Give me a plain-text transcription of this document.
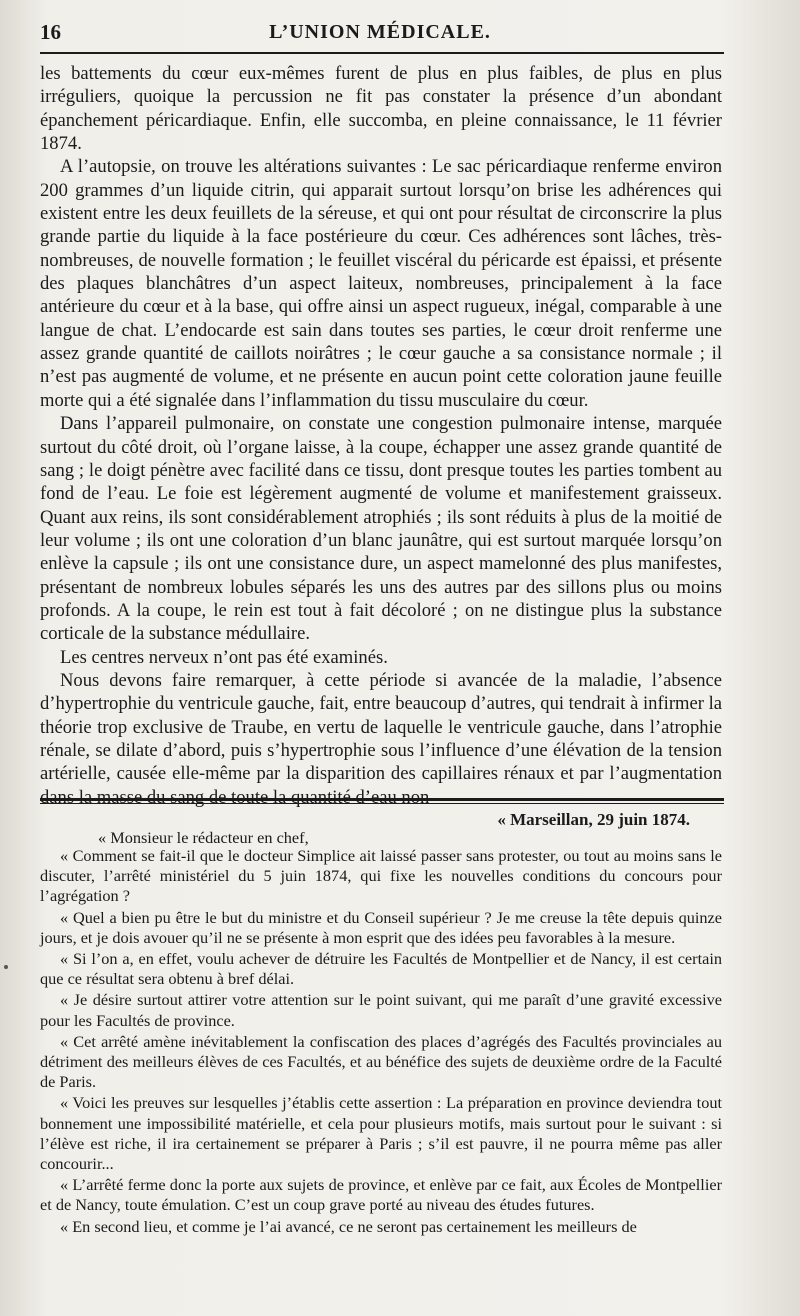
16	L’UNION MÉDICALE.

les battements du cœur eux-mêmes furent de plus en plus faibles, de plus en plus irréguliers, quoique la percussion ne fit pas constater la présence d’un abondant épanchement péricardiaque. Enfin, elle succomba, en pleine connaissance, le 11 février 1874.

A l’autopsie, on trouve les altérations suivantes : Le sac péricardiaque renferme environ 200 grammes d’un liquide citrin, qui apparait surtout lorsqu’on brise les adhérences qui existent entre les deux feuillets de la séreuse, et qui ont pour résultat de circonscrire la plus grande partie du liquide à la face postérieure du cœur. Ces adhérences sont lâches, très-nombreuses, de nouvelle formation ; le feuillet viscéral du péricarde est épaissi, et présente des plaques blanchâtres d’un aspect laiteux, nombreuses, principalement à la face antérieure du cœur et à la base, qui offre ainsi un aspect rugueux, inégal, comparable à une langue de chat. L’endocarde est sain dans toutes ses parties, le cœur droit renferme une assez grande quantité de caillots noirâtres ; le cœur gauche a sa consistance normale ; il n’est pas augmenté de volume, et ne présente en aucun point cette coloration jaune feuille morte qui a été signalée dans l’inflammation du tissu musculaire du cœur.

Dans l’appareil pulmonaire, on constate une congestion pulmonaire intense, marquée surtout du côté droit, où l’organe laisse, à la coupe, échapper une assez grande quantité de sang ; le doigt pénètre avec facilité dans ce tissu, dont presque toutes les parties tombent au fond de l’eau. Le foie est légèrement augmenté de volume et manifestement graisseux. Quant aux reins, ils sont considérablement atrophiés ; ils sont réduits à plus de la moitié de leur volume ; ils ont une coloration d’un blanc jaunâtre, qui est surtout marquée lorsqu’on enlève la capsule ; ils ont une consistance dure, un aspect mamelonné des plus manifestes, présentant de nombreux lobules séparés les uns des autres par des sillons plus ou moins profonds. A la coupe, le rein est tout à fait décoloré ; on ne distingue plus la substance corticale de la substance médullaire.

Les centres nerveux n’ont pas été examinés.

Nous devons faire remarquer, à cette période si avancée de la maladie, l’absence d’hypertrophie du ventricule gauche, fait, entre beaucoup d’autres, qui tendrait à infirmer la théorie trop exclusive de Traube, en vertu de laquelle le ventricule gauche, dans l’atrophie rénale, se dilate d’abord, puis s’hypertrophie sous l’influence d’une élévation de la tension artérielle, causée elle-même par la disparition des capillaires rénaux et par l’augmentation

« Marseillan, 29 juin 1874.
« Monsieur le rédacteur en chef,

« Comment se fait-il que le docteur Simplice ait laissé passer sans protester, ou tout au moins sans le discuter, l’arrêté ministériel du 5 juin 1874, qui fixe les nouvelles conditions du concours pour l’agrégation ?

« Quel a bien pu être le but du ministre et du Conseil supérieur ? Je me creuse la tête depuis quinze jours, et je dois avouer qu’il ne se présente à mon esprit que des idées peu favorables à la mesure.

« Si l’on a, en effet, voulu achever de détruire les Facultés de Montpellier et de Nancy, il est certain que ce résultat sera obtenu à bref délai.

« Je désire surtout attirer votre attention sur le point suivant, qui me paraît d’une gravité excessive pour les Facultés de province.

« Cet arrêté amène inévitablement la confiscation des places d’agrégés des Facultés provinciales au détriment des meilleurs élèves de ces Facultés, et au bénéfice des sujets de deuxième ordre de la Faculté de Paris.

« Voici les preuves sur lesquelles j’établis cette assertion : La préparation en province deviendra tout bonnement une impossibilité matérielle, et cela pour plusieurs motifs, mais surtout pour le suivant : si l’élève est riche, il ira certainement se préparer à Paris ; s’il est pauvre, il ne pourra même pas aller concourir...

« L’arrêté ferme donc la porte aux sujets de province, et enlève par ce fait, aux Écoles de Montpellier et de Nancy, toute émulation. C’est un coup grave porté au niveau des études futures.

« En second lieu, et comme je l’ai avancé, ce ne seront pas certainement les meilleurs de
